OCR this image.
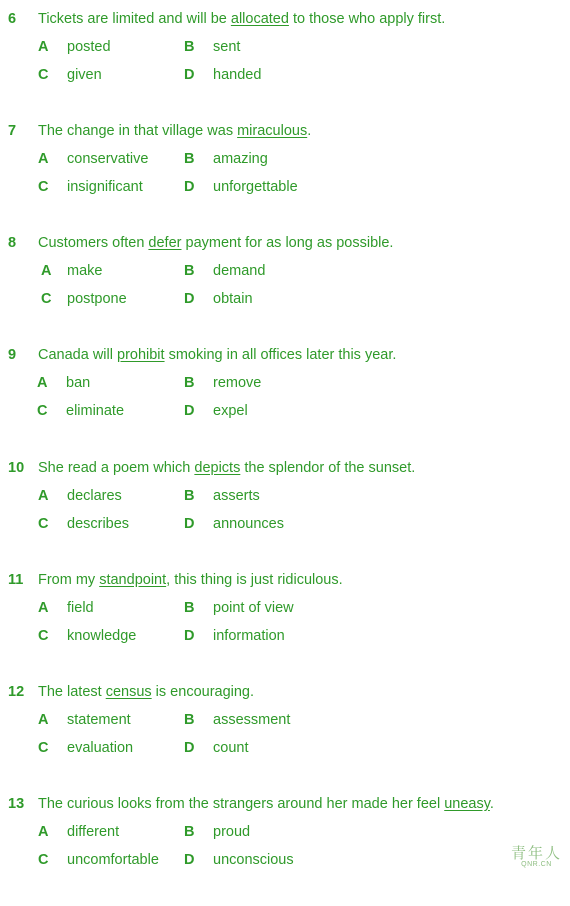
6 Tickets are limited and will be allocated to those who apply first.
A posted	B sent
C given	D handed
7 The change in that village was miraculous.
A conservative B amazing
C insignificant	D unforgettable
8 Customers often defer payment for as long as possible.
A make	B demand
C postpone	D obtain
9 Canada will prohibit smoking in all offices later this year.
A ban	B remove
C eliminate	D expel
10 She read a poem which depicts the splendor of the sunset.
A declares	B asserts
C describes	D announces
11 From my standpoint, this thing is just ridiculous.
A field	B point of view
C knowledge	D information
12 The latest census is encouraging.
A statement	B assessment
C evaluation	D count
13 The curious looks from the strangers around her made her feel uneasy.
A different	B proud
C uncomfortable D unconscious	青年人
QNR.CN
